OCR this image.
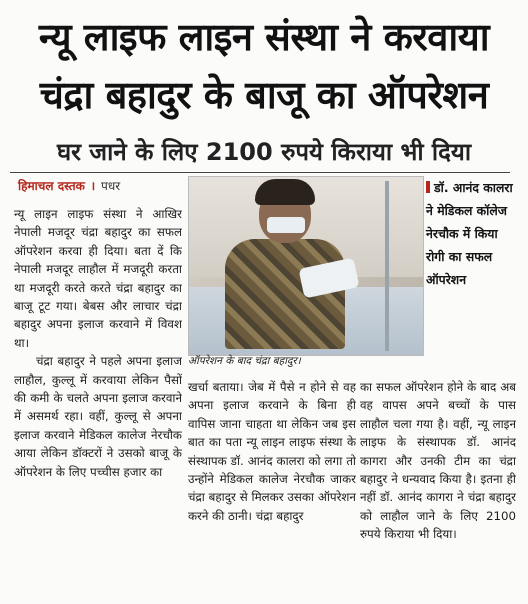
न्यू लाइफ लाइन संस्था ने करवाया
चंद्रा बहादुर के बाजू का ऑपरेशन
घर जाने के लिए 2100 रुपये किराया भी दिया
हिमाचल दस्तक । पधर

न्यू लाइन लाइफ संस्था ने आखिर नेपाली मजदूर चंद्रा बहादुर का सफल ऑपरेशन करवा ही दिया। बता दें कि नेपाली मजदूर लाहौल में मजदूरी करता था मजदूरी करते करते चंद्रा बहादुर का बाजू टूट गया। बेबस और लाचार चंद्रा बहादुर अपना इलाज करवाने में विवश था।

चंद्रा बहादुर ने पहले अपना इलाज लाहौल, कुल्लू में करवाया लेकिन पैसों की कमी के चलते अपना इलाज करवाने में असमर्थ रहा। वहीं, कुल्लू से अपना इलाज करवाने मेडिकल कालेज नेरचौक आया लेकिन डॉक्टरों ने उसको बाजू के ऑपरेशन के लिए पच्चीस हजार का

ऑपरेशन के बाद चंद्रा बहादुर।
डॉ. आनंद कालरा ने मेडिकल कॉलेज नेरचौक में किया रोगी का सफल ऑपरेशन

खर्चा बताया। जेब में पैसे न होने से वह अपना इलाज करवाने के बिना ही वापिस जाना चाहता था लेकिन जब इस बात का पता न्यू लाइन लाइफ संस्था के संस्थापक डॉ. आनंद कालरा को लगा तो उन्होंने मेडिकल कालेज नेरचौक जाकर चंद्रा बहादुर से मिलकर उसका ऑपरेशन करने की ठानी। चंद्रा बहादुर

का सफल ऑपरेशन होने के बाद अब वह वापस अपने बच्चों के पास लाहौल चला गया है। वहीं, न्यू लाइन लाइफ के संस्थापक डॉ. आनंद कागरा और उनकी टीम का चंद्रा बहादुर ने धन्यवाद किया है। इतना ही नहीं डॉ. आनंद कागरा ने चंद्रा बहादुर को लाहौल जाने के लिए 2100 रुपये किराया भी दिया।
